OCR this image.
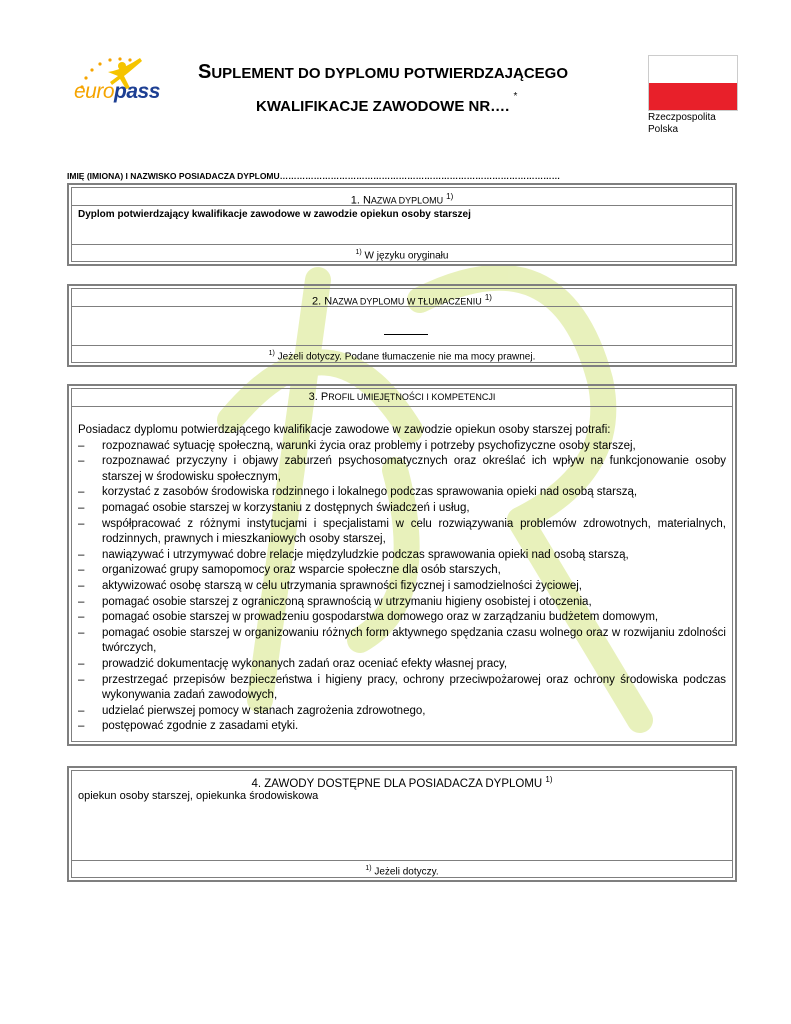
europass
SUPLEMENT DO DYPLOMU POTWIERDZAJĄCEGO
KWALIFIKACJE ZAWODOWE NR…. *
Rzeczpospolita
Polska
IMIĘ (IMIONA) I NAZWISKO POSIADACZA DYPLOMU………………………………………………………………………………………
1. NAZWA DYPLOMU $^{1)}$
Dyplom potwierdzający kwalifikacje zawodowe w zawodzie opiekun osoby starszej
$^{1)}$ W języku oryginału
2. NAZWA DYPLOMU W TŁUMACZENIU $^{1)}$
$^{1)}$ Jeżeli dotyczy. Podane tłumaczenie nie ma mocy prawnej.
3. PROFIL UMIEJĘTNOŚCI I KOMPETENCJI
Posiadacz dyplomu potwierdzającego kwalifikacje zawodowe w zawodzie opiekun osoby starszej potrafi:
– rozpoznawać sytuację społeczną, warunki życia oraz problemy i potrzeby psychofizyczne osoby starszej,
– rozpoznawać przyczyny i objawy zaburzeń psychosomatycznych oraz określać ich wpływ na funkcjonowanie osoby starszej w środowisku społecznym,
– korzystać z zasobów środowiska rodzinnego i lokalnego podczas sprawowania opieki nad osobą starszą,
– pomagać osobie starszej w korzystaniu z dostępnych świadczeń i usług,
– współpracować z różnymi instytucjami i specjalistami w celu rozwiązywania problemów zdrowotnych, materialnych, rodzinnych, prawnych i mieszkaniowych osoby starszej,
– nawiązywać i utrzymywać dobre relacje międzyludzkie podczas sprawowania opieki nad osobą starszą,
– organizować grupy samopomocy oraz wsparcie społeczne dla osób starszych,
– aktywizować osobę starszą w celu utrzymania sprawności fizycznej i samodzielności życiowej,
– pomagać osobie starszej z ograniczoną sprawnością w utrzymaniu higieny osobistej i otoczenia,
– pomagać osobie starszej w prowadzeniu gospodarstwa domowego oraz w zarządzaniu budżetem domowym,
– pomagać osobie starszej w organizowaniu różnych form aktywnego spędzania czasu wolnego oraz w rozwijaniu zdolności twórczych,
– prowadzić dokumentację wykonanych zadań oraz oceniać efekty własnej pracy,
– przestrzegać przepisów bezpieczeństwa i higieny pracy, ochrony przeciwpożarowej oraz ochrony środowiska podczas wykonywania zadań zawodowych,
– udzielać pierwszej pomocy w stanach zagrożenia zdrowotnego,
– postępować zgodnie z zasadami etyki.
4. ZAWODY DOSTĘPNE DLA POSIADACZA DYPLOMU $^{1)}$
opiekun osoby starszej, opiekunka środowiskowa
$^{1)}$ Jeżeli dotyczy.
